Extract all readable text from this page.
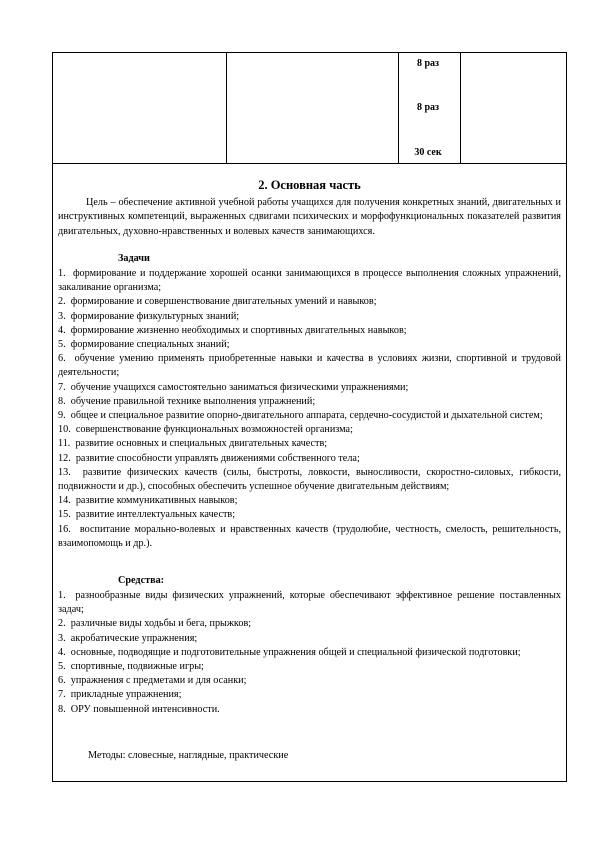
8 раз
8 раз
30 сек
2. Основная часть
Цель – обеспечение активной учебной работы учащихся для получения конкретных знаний, двигательных и инструктивных компетенций, выраженных сдвигами психических и морфофункциональных показателей развития двигательных, духовно-нравственных и волевых качеств занимающихся.
Задачи
1. формирование и поддержание хорошей осанки занимающихся в процессе выполнения сложных упражнений, закаливание организма;
2. формирование и совершенствование двигательных умений и навыков;
3. формирование физкультурных знаний;
4. формирование жизненно необходимых и спортивных двигательных навыков;
5. формирование специальных знаний;
6. обучение умению применять приобретенные навыки и качества в условиях жизни, спортивной и трудовой деятельности;
7. обучение учащихся самостоятельно заниматься физическими упражнениями;
8. обучение правильной технике выполнения упражнений;
9. общее и специальное развитие опорно-двигательного аппарата, сердечно-сосудистой и дыхательной систем;
10. совершенствование функциональных возможностей организма;
11. развитие основных и специальных двигательных качеств;
12. развитие способности управлять движениями собственного тела;
13. развитие физических качеств (силы, быстроты, ловкости, выносливости, скоростно-силовых, гибкости, подвижности и др.), способных обеспечить успешное обучение двигательным действиям;
14. развитие коммуникативных навыков;
15. развитие интеллектуальных качеств;
16. воспитание морально-волевых и нравственных качеств (трудолюбие, честность, смелость, решительность, взаимопомощь и др.).
Средства:
1. разнообразные виды физических упражнений, которые обеспечивают эффективное решение поставленных задач;
2. различные виды ходьбы и бега, прыжков;
3. акробатические упражнения;
4. основные, подводящие и подготовительные упражнения общей и специальной физической подготовки;
5. спортивные, подвижные игры;
6. упражнения с предметами и для осанки;
7. прикладные упражнения;
8. ОРУ повышенной интенсивности.
Методы: словесные, наглядные, практические
